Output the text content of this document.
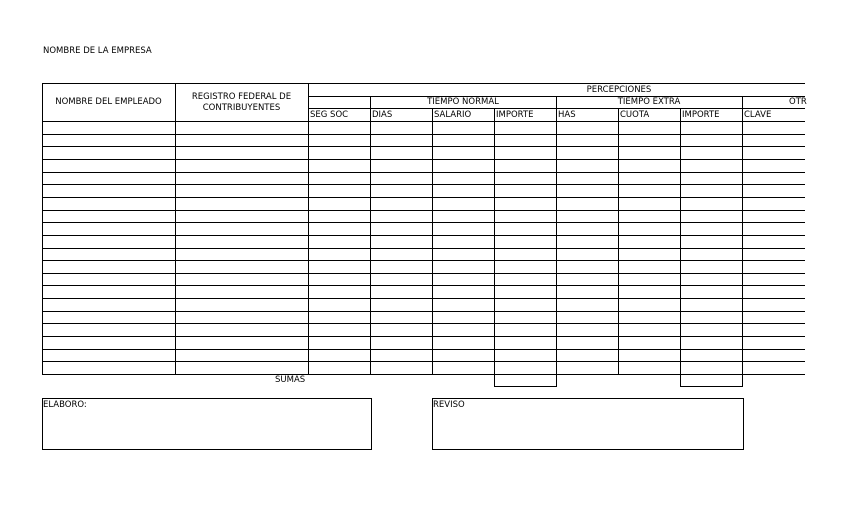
NOMBRE DE LA EMPRESA
NOMBRE DEL EMPLEADO	REGISTRO FEDERAL DE CONTRIBUYENTES
PERCEPCIONES
TIEMPO NORMAL	TIEMPO EXTRA	OTR
SEG SOC	DIAS	SALARIO	IMPORTE	HAS	CUOTA	IMPORTE	CLAVE
SUMAS
ELABORO:	REVISO
